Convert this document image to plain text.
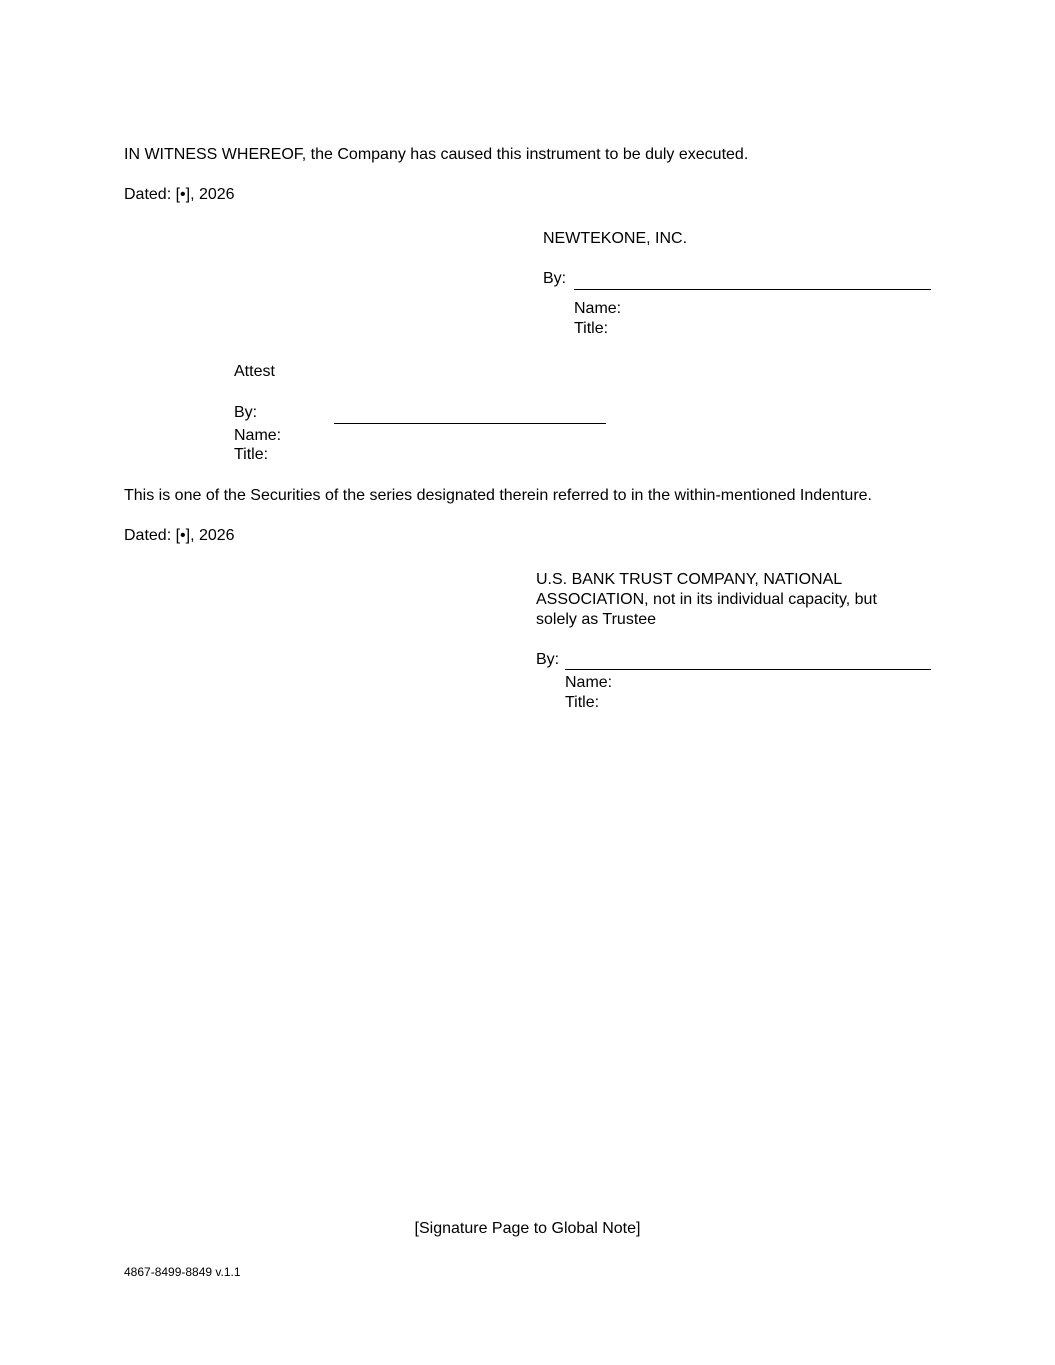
IN WITNESS WHEREOF, the Company has caused this instrument to be duly executed.

Dated: [•], 2026

NEWTEKONE, INC.

By:

Name:

Title:

Attest

By:

Name:

Title:

This is one of the Securities of the series designated therein referred to in the within-mentioned Indenture.

Dated: [•], 2026

U.S. BANK TRUST COMPANY, NATIONAL

ASSOCIATION, not in its individual capacity, but

solely as Trustee

By:

Name:

Title:

[Signature Page to Global Note]

4867-8499-8849 v.1.1
